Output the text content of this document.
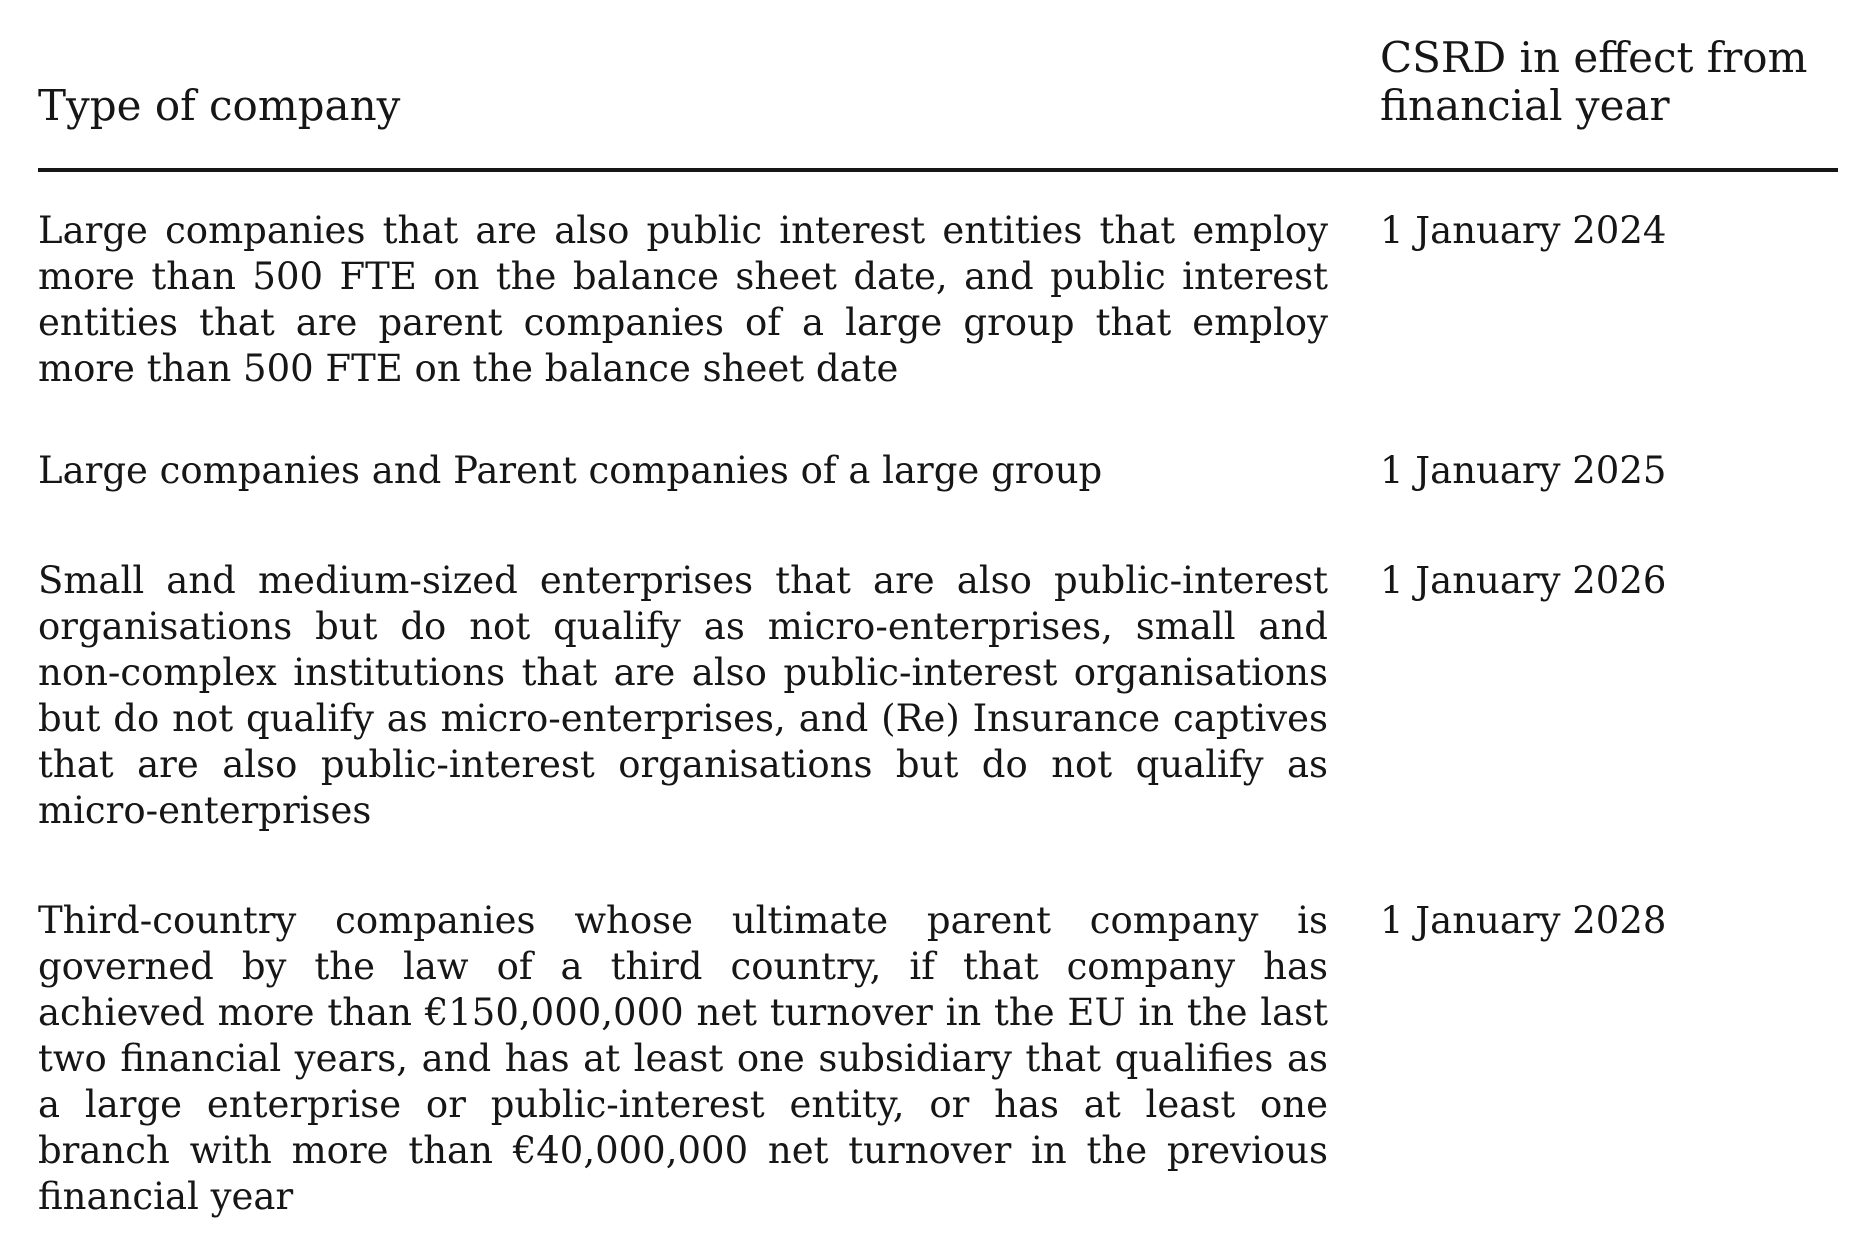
Type of company
CSRD in effect from financial year
Large companies that are also public interest entities that employ more than 500 FTE on the balance sheet date, and public interest entities that are parent companies of a large group that employ more than 500 FTE on the balance sheet date
1 January 2024
Large companies and Parent companies of a large group	1 January 2025
Small and medium-sized enterprises that are also public-interest organisations but do not qualify as micro-enterprises, small and non-complex institutions that are also public-interest organisations but do not qualify as micro-enterprises, and (Re) Insurance captives that are also public-interest organisations but do not qualify as micro-enterprises
1 January 2026
Third-country companies whose ultimate parent company is governed by the law of a third country, if that company has achieved more than €150,000,000 net turnover in the EU in the last two financial years, and has at least one subsidiary that qualifies as a large enterprise or public-interest entity, or has at least one branch with more than €40,000,000 net turnover in the previous financial year
1 January 2028
